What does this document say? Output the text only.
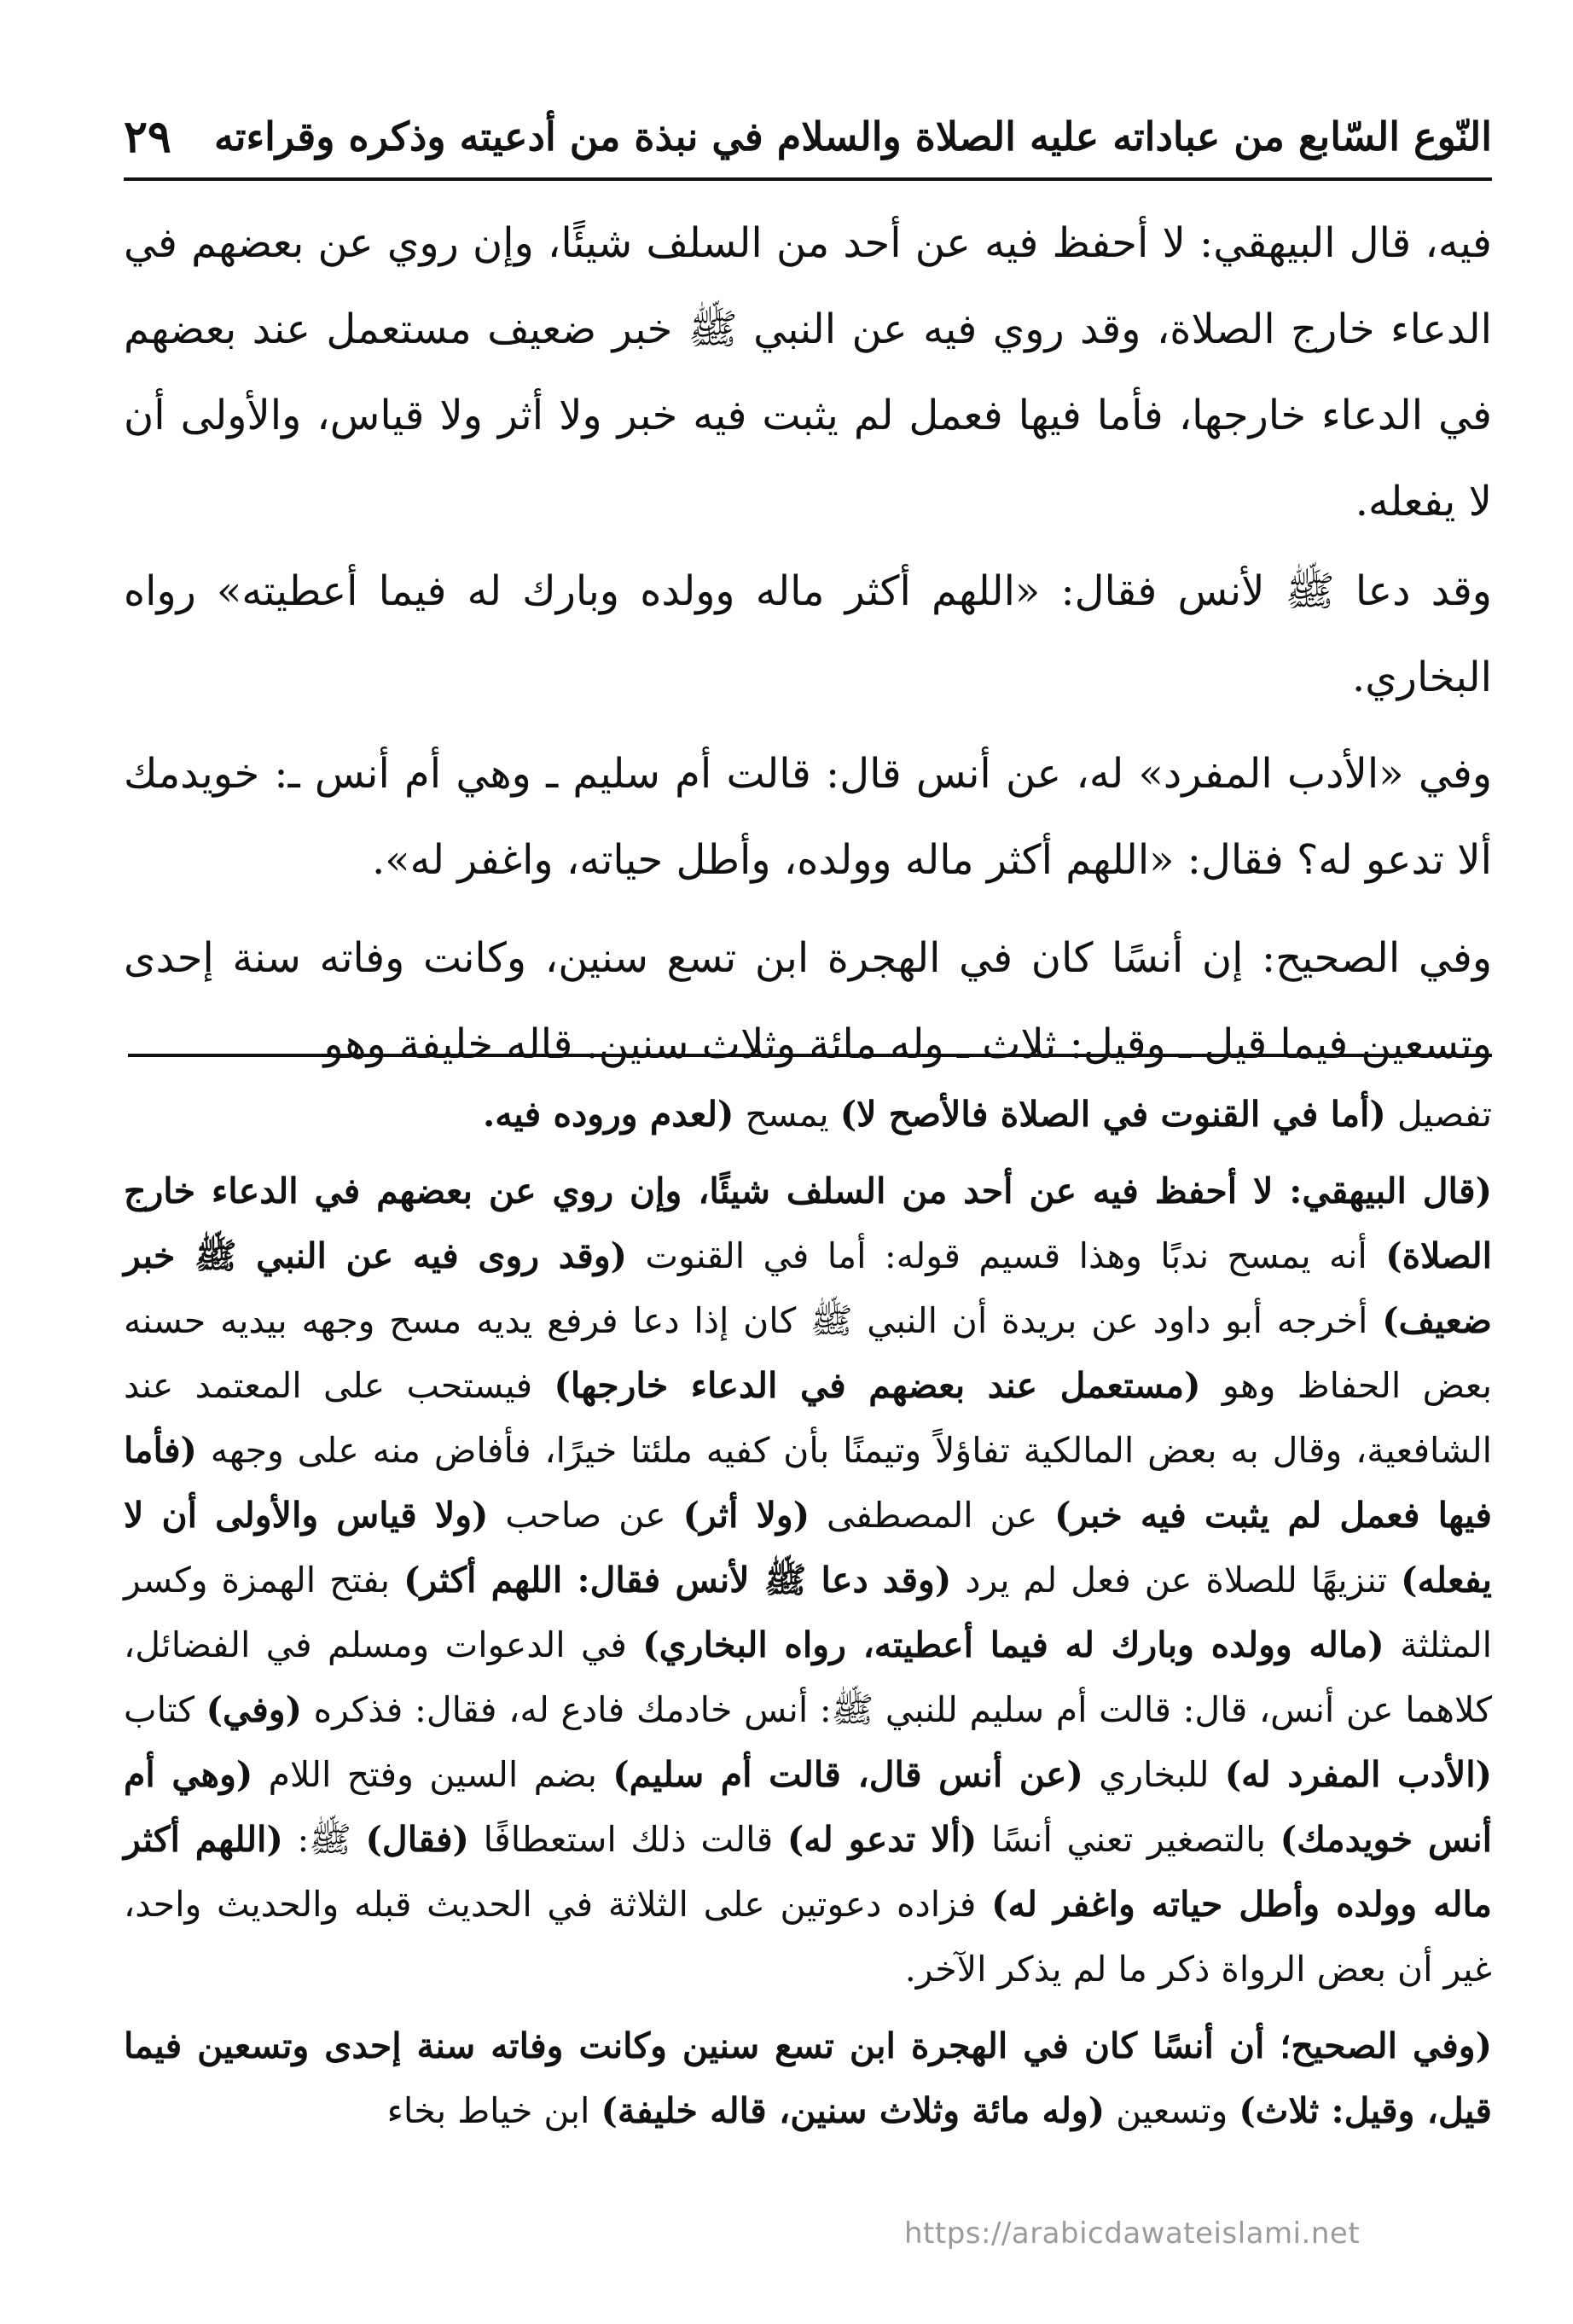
النّوع السّابع من عباداته عليه الصلاة والسلام في نبذة من أدعيته وذكره وقراءته
٢٩

فيه، قال البيهقي: لا أحفظ فيه عن أحد من السلف شيئًا، وإن روي عن بعضهم في الدعاء خارج الصلاة، وقد روي فيه عن النبي ﷺ خبر ضعيف مستعمل عند بعضهم في الدعاء خارجها، فأما فيها فعمل لم يثبت فيه خبر ولا أثر ولا قياس، والأولى أن لا يفعله.

وقد دعا ﷺ لأنس فقال: «اللهم أكثر ماله وولده وبارك له فيما أعطيته» رواه البخاري.

وفي «الأدب المفرد» له، عن أنس قال: قالت أم سليم ـ وهي أم أنس ـ: خويدمك ألا تدعو له؟ فقال: «اللهم أكثر ماله وولده، وأطل حياته، واغفر له».

وفي الصحيح: إن أنسًا كان في الهجرة ابن تسع سنين، وكانت وفاته سنة إحدى وتسعين فيما قيل ـ وقيل: ثلاث ـ وله مائة وثلاث سنين. قاله خليفة وهو

تفصيل (أما في القنوت في الصلاة فالأصح لا) يمسح (لعدم وروده فيه.

(قال البيهقي: لا أحفظ فيه عن أحد من السلف شيئًا، وإن روي عن بعضهم في الدعاء خارج الصلاة) أنه يمسح ندبًا وهذا قسيم قوله: أما في القنوت (وقد روى فيه عن النبي ﷺ خبر ضعيف) أخرجه أبو داود عن بريدة أن النبي ﷺ كان إذا دعا فرفع يديه مسح وجهه بيديه حسنه بعض الحفاظ وهو (مستعمل عند بعضهم في الدعاء خارجها) فيستحب على المعتمد عند الشافعية، وقال به بعض المالكية تفاؤلاً وتيمنًا بأن كفيه ملئتا خيرًا، فأفاض منه على وجهه (فأما فيها فعمل لم يثبت فيه خبر) عن المصطفى (ولا أثر) عن صاحب (ولا قياس والأولى أن لا يفعله) تنزيهًا للصلاة عن فعل لم يرد (وقد دعا ﷺ لأنس فقال: اللهم أكثر) بفتح الهمزة وكسر المثلثة (ماله وولده وبارك له فيما أعطيته، رواه البخاري) في الدعوات ومسلم في الفضائل، كلاهما عن أنس، قال: قالت أم سليم للنبي ﷺ: أنس خادمك فادع له، فقال: فذكره (وفي) كتاب (الأدب المفرد له) للبخاري (عن أنس قال، قالت أم سليم) بضم السين وفتح اللام (وهي أم أنس خويدمك) بالتصغير تعني أنسًا (ألا تدعو له) قالت ذلك استعطافًا (فقال) ﷺ: (اللهم أكثر ماله وولده وأطل حياته واغفر له) فزاده دعوتين على الثلاثة في الحديث قبله والحديث واحد، غير أن بعض الرواة ذكر ما لم يذكر الآخر.

(وفي الصحيح؛ أن أنسًا كان في الهجرة ابن تسع سنين وكانت وفاته سنة إحدى وتسعين فيما قيل، وقيل: ثلاث) وتسعين (وله مائة وثلاث سنين، قاله خليفة) ابن خياط بخاء

https://arabicdawateislami.net
